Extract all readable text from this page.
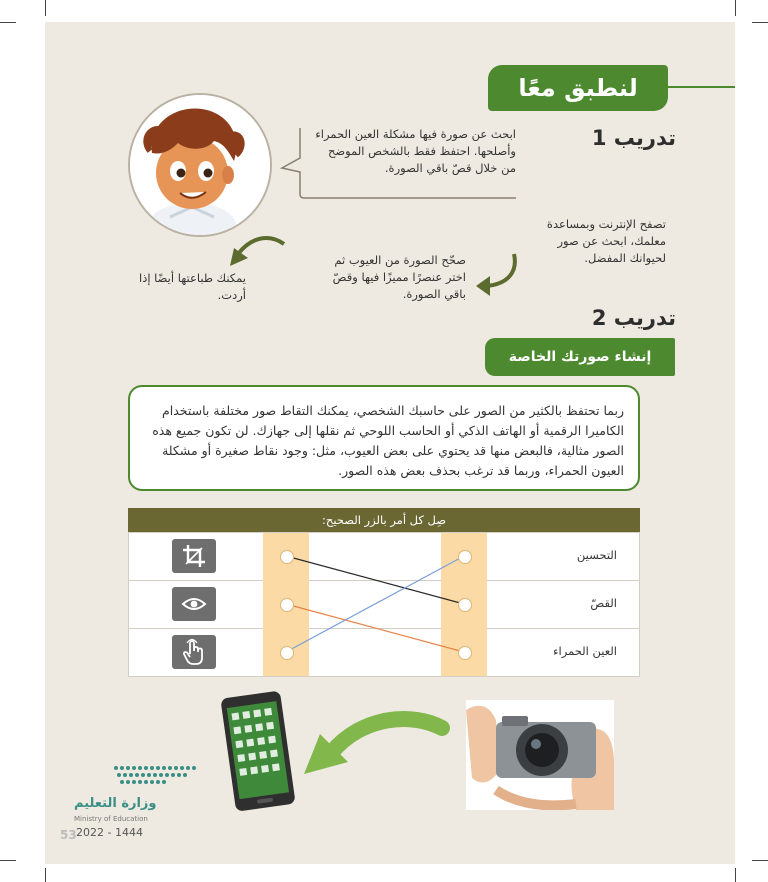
لنطبق معًا
تدريب 1
ابحث عن صورة فيها مشكلة العين الحمراء
وأصلحها. احتفظ فقط بالشخص الموضح
من خلال قصّ باقي الصورة.
تصفح الإنترنت وبمساعدة
معلمك، ابحث عن صور
لحيوانك المفضل.
صحّح الصورة من العيوب ثم
اختر عنصرًا مميزًا فيها وقصّ
باقي الصورة.
يمكنك طباعتها أيضًا إذا
أردت.
تدريب 2
إنشاء صورتك الخاصة
ربما تحتفظ بالكثير من الصور على حاسبك الشخصي، يمكنك التقاط صور مختلفة باستخدام
الكاميرا الرقمية أو الهاتف الذكي أو الحاسب اللوحي ثم نقلها إلى جهازك. لن تكون جميع هذه
الصور مثالية، فالبعض منها قد يحتوي على بعض العيوب، مثل: وجود نقاط صغيرة أو مشكلة
العيون الحمراء، وربما قد ترغب بحذف بعض هذه الصور.
صِل كل أمر بالزر الصحيح:
التحسين
القصّ
العين الحمراء
وزارة التعليم
Ministry of Education
2022 - 1444
53
